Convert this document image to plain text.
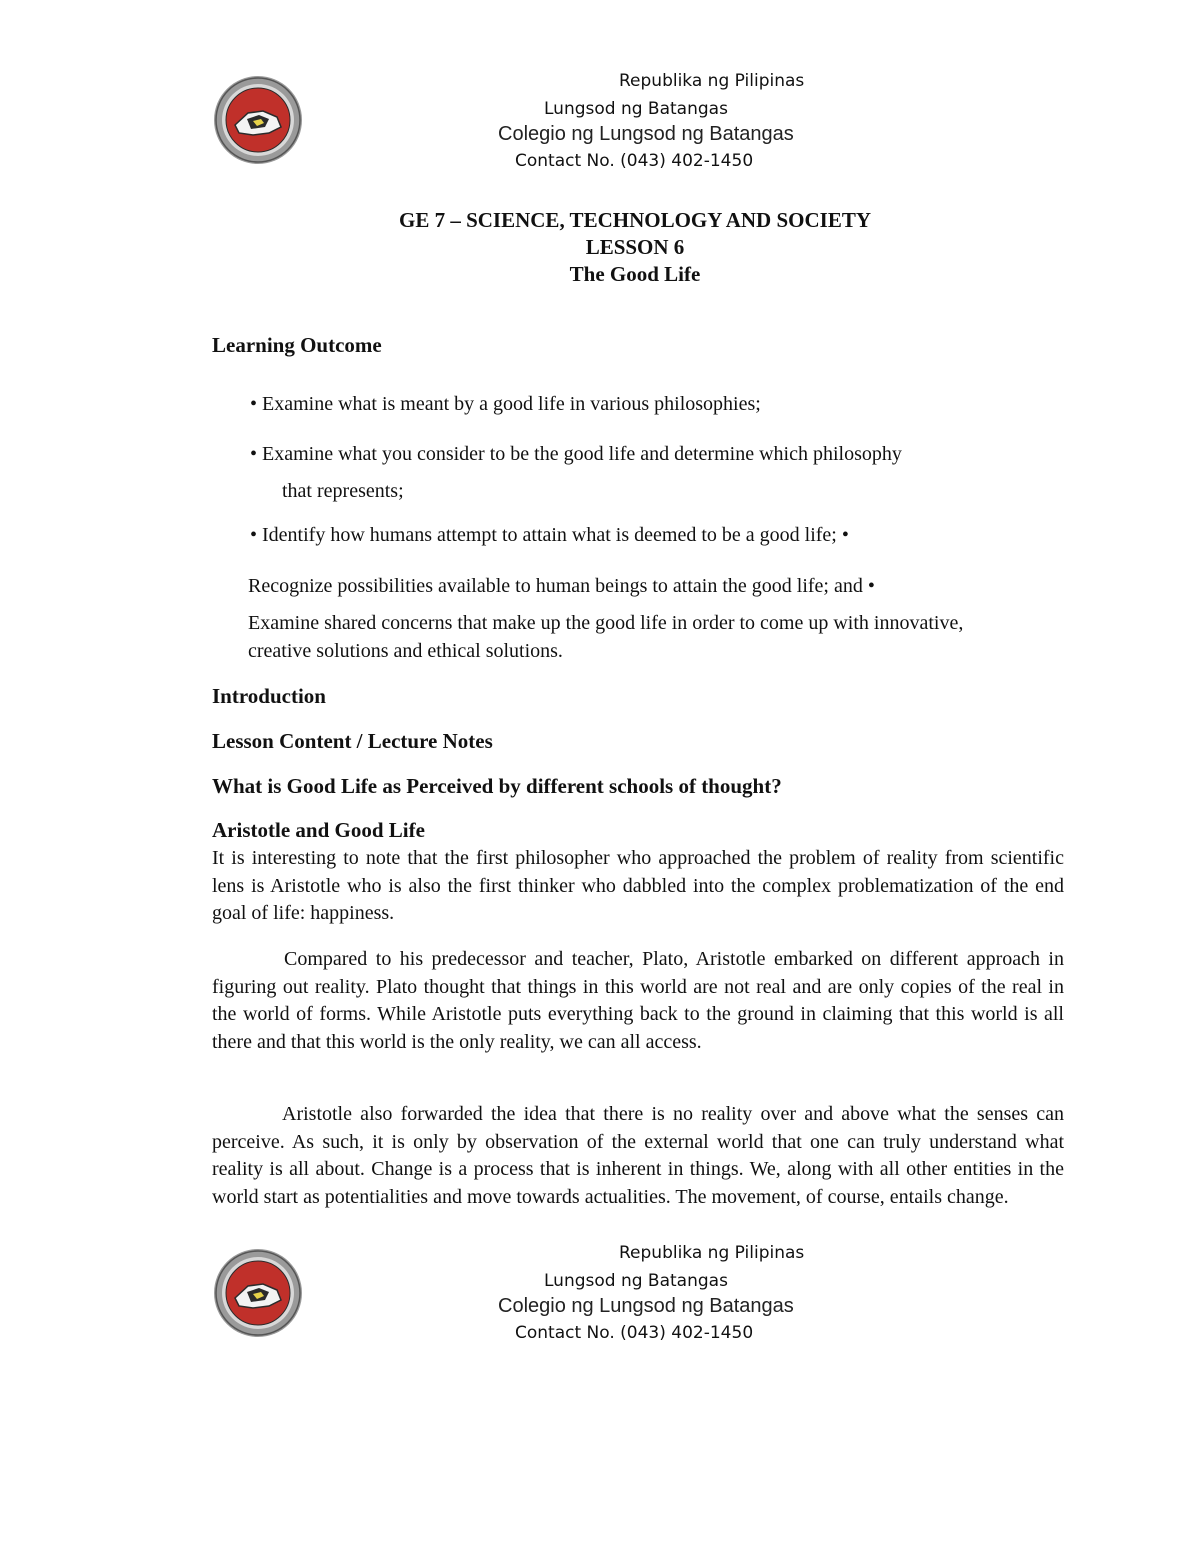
Republika ng Pilipinas
Lungsod ng Batangas
Colegio ng Lungsod ng Batangas
Contact No. (043) 402-1450
GE 7 – SCIENCE, TECHNOLOGY AND SOCIETY
LESSON 6
The Good Life
Learning Outcome
• Examine what is meant by a good life in various philosophies;
• Examine what you consider to be the good life and determine which philosophy
that represents;
• Identify how humans attempt to attain what is deemed to be a good life; •
Recognize possibilities available to human beings to attain the good life; and •
Examine shared concerns that make up the good life in order to come up with innovative, creative solutions and ethical solutions.
Introduction
Lesson Content / Lecture Notes
What is Good Life as Perceived by different schools of thought?
Aristotle and Good Life
It is interesting to note that the first philosopher who approached the problem of reality from scientific lens is Aristotle who is also the first thinker who dabbled into the complex problematization of the end goal of life: happiness.
Compared to his predecessor and teacher, Plato, Aristotle embarked on different approach in figuring out reality. Plato thought that things in this world are not real and are only copies of the real in the world of forms. While Aristotle puts everything back to the ground in claiming that this world is all there and that this world is the only reality, we can all access.
Aristotle also forwarded the idea that there is no reality over and above what the senses can perceive. As such, it is only by observation of the external world that one can truly understand what reality is all about. Change is a process that is inherent in things. We, along with all other entities in the world start as potentialities and move towards actualities. The movement, of course, entails change.
Republika ng Pilipinas
Lungsod ng Batangas
Colegio ng Lungsod ng Batangas
Contact No. (043) 402-1450
